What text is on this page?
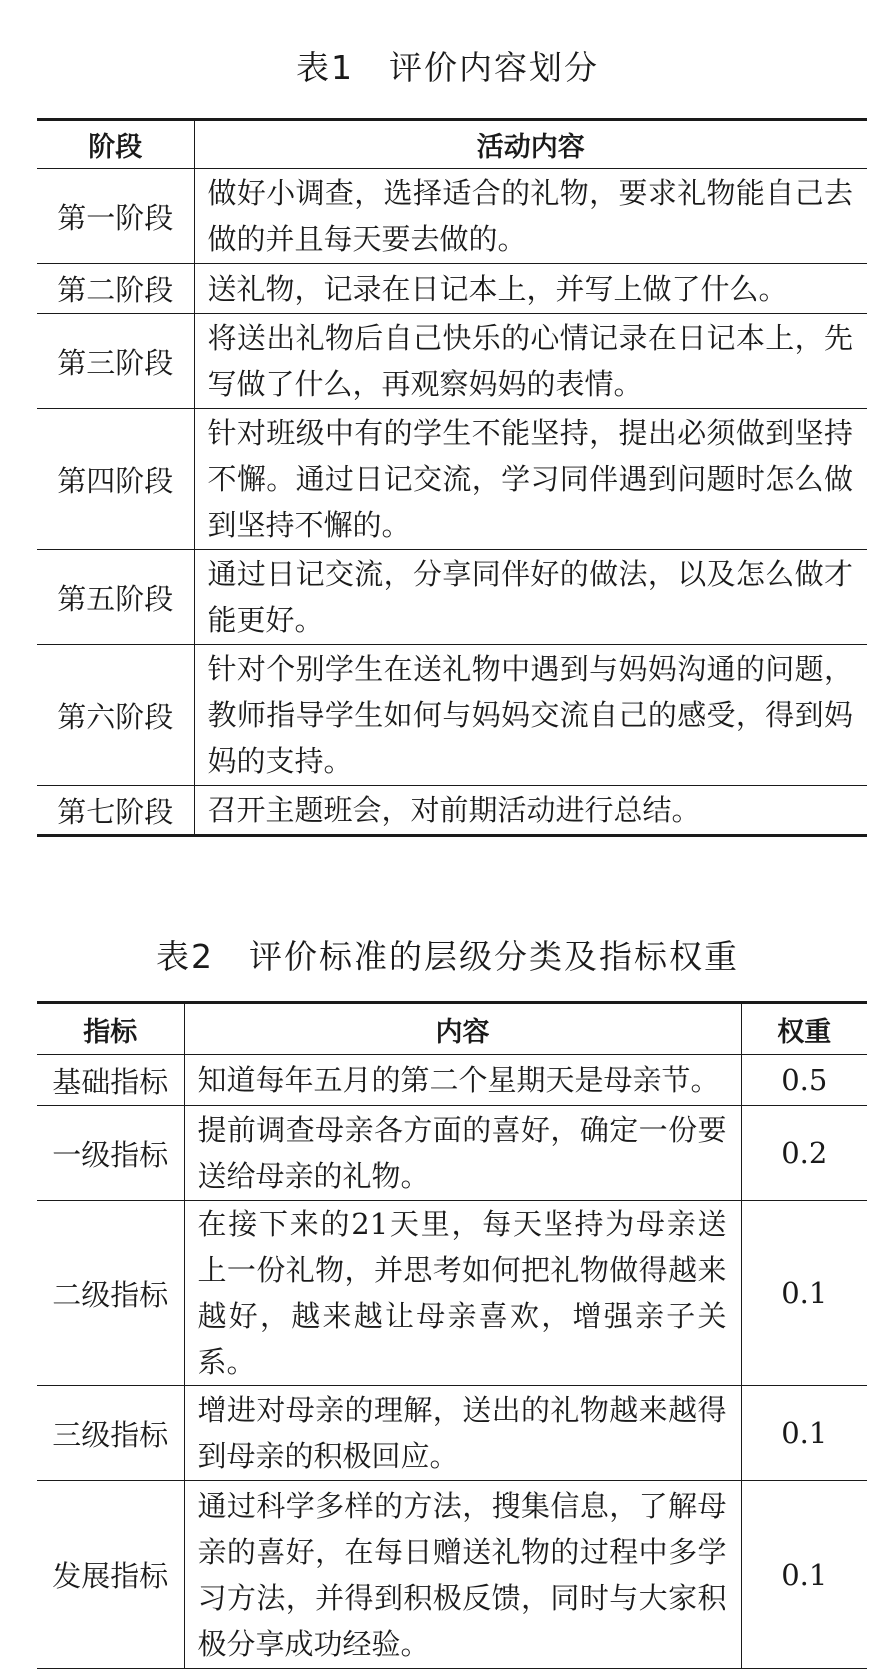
表1　评价内容划分
阶段	活动内容
第一阶段	做好小调查，选择适合的礼物，要求礼物能自己去做的并且每天要去做的。
第二阶段	送礼物，记录在日记本上，并写上做了什么。
第三阶段	将送出礼物后自己快乐的心情记录在日记本上，先写做了什么，再观察妈妈的表情。
第四阶段	针对班级中有的学生不能坚持，提出必须做到坚持不懈。通过日记交流，学习同伴遇到问题时怎么做到坚持不懈的。
第五阶段	通过日记交流，分享同伴好的做法，以及怎么做才能更好。
第六阶段	针对个别学生在送礼物中遇到与妈妈沟通的问题，教师指导学生如何与妈妈交流自己的感受，得到妈妈的支持。
第七阶段	召开主题班会，对前期活动进行总结。
表2　评价标准的层级分类及指标权重
指标	内容	权重
基础指标	知道每年五月的第二个星期天是母亲节。	0.5
一级指标	提前调查母亲各方面的喜好，确定一份要送给母亲的礼物。	0.2
二级指标	在接下来的21天里，每天坚持为母亲送上一份礼物，并思考如何把礼物做得越来越好，越来越让母亲喜欢，增强亲子关系。	0.1
三级指标	增进对母亲的理解，送出的礼物越来越得到母亲的积极回应。	0.1
发展指标	通过科学多样的方法，搜集信息，了解母亲的喜好，在每日赠送礼物的过程中多学习方法，并得到积极反馈，同时与大家积极分享成功经验。	0.1
